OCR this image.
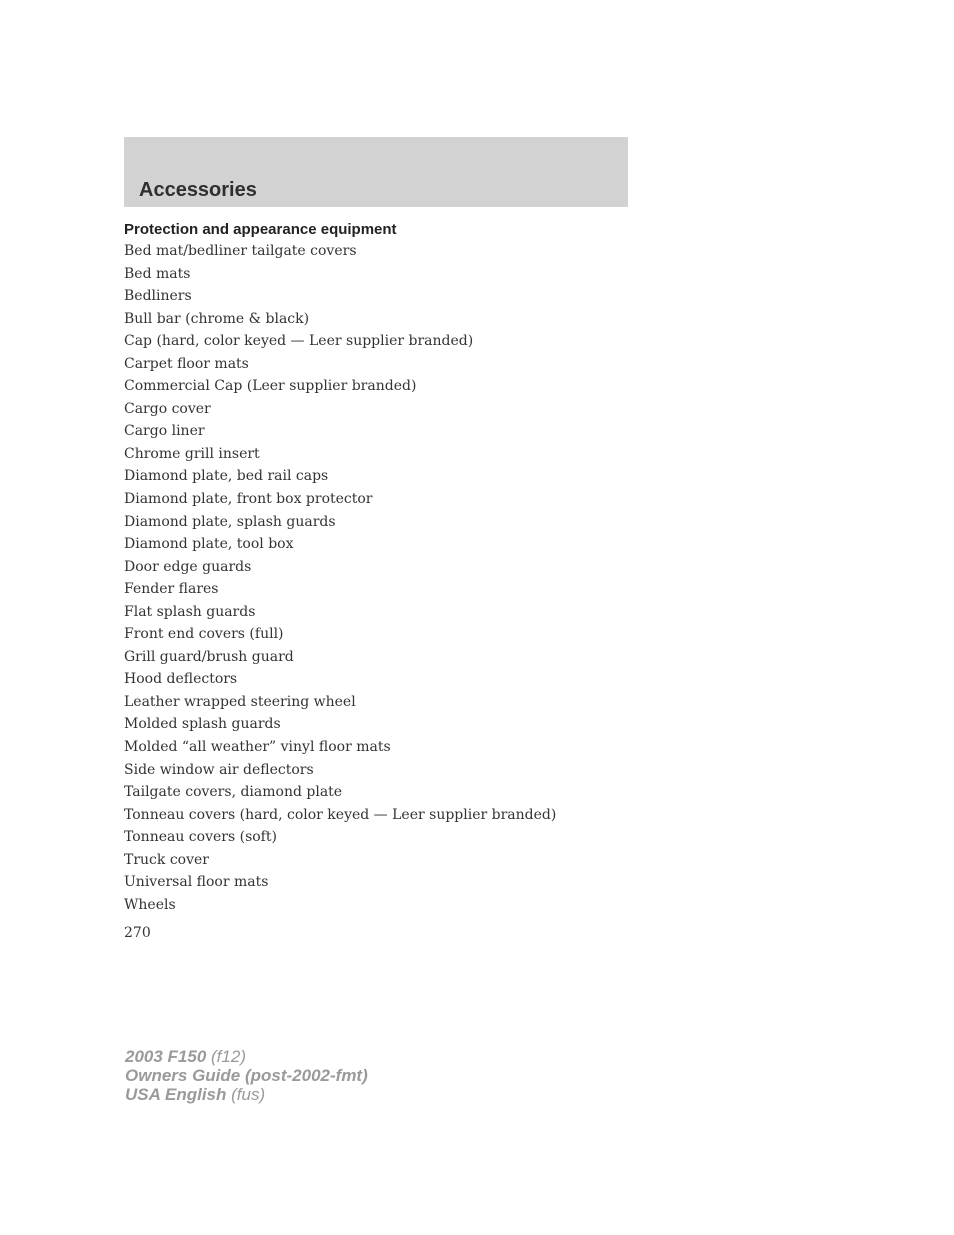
Accessories
Protection and appearance equipment
Bed mat/bedliner tailgate covers
Bed mats
Bedliners
Bull bar (chrome & black)
Cap (hard, color keyed — Leer supplier branded)
Carpet floor mats
Commercial Cap (Leer supplier branded)
Cargo cover
Cargo liner
Chrome grill insert
Diamond plate, bed rail caps
Diamond plate, front box protector
Diamond plate, splash guards
Diamond plate, tool box
Door edge guards
Fender flares
Flat splash guards
Front end covers (full)
Grill guard/brush guard
Hood deflectors
Leather wrapped steering wheel
Molded splash guards
Molded “all weather” vinyl floor mats
Side window air deflectors
Tailgate covers, diamond plate
Tonneau covers (hard, color keyed — Leer supplier branded)
Tonneau covers (soft)
Truck cover
Universal floor mats
Wheels
270
2003 F150 (f12)
Owners Guide (post-2002-fmt)
USA English (fus)
